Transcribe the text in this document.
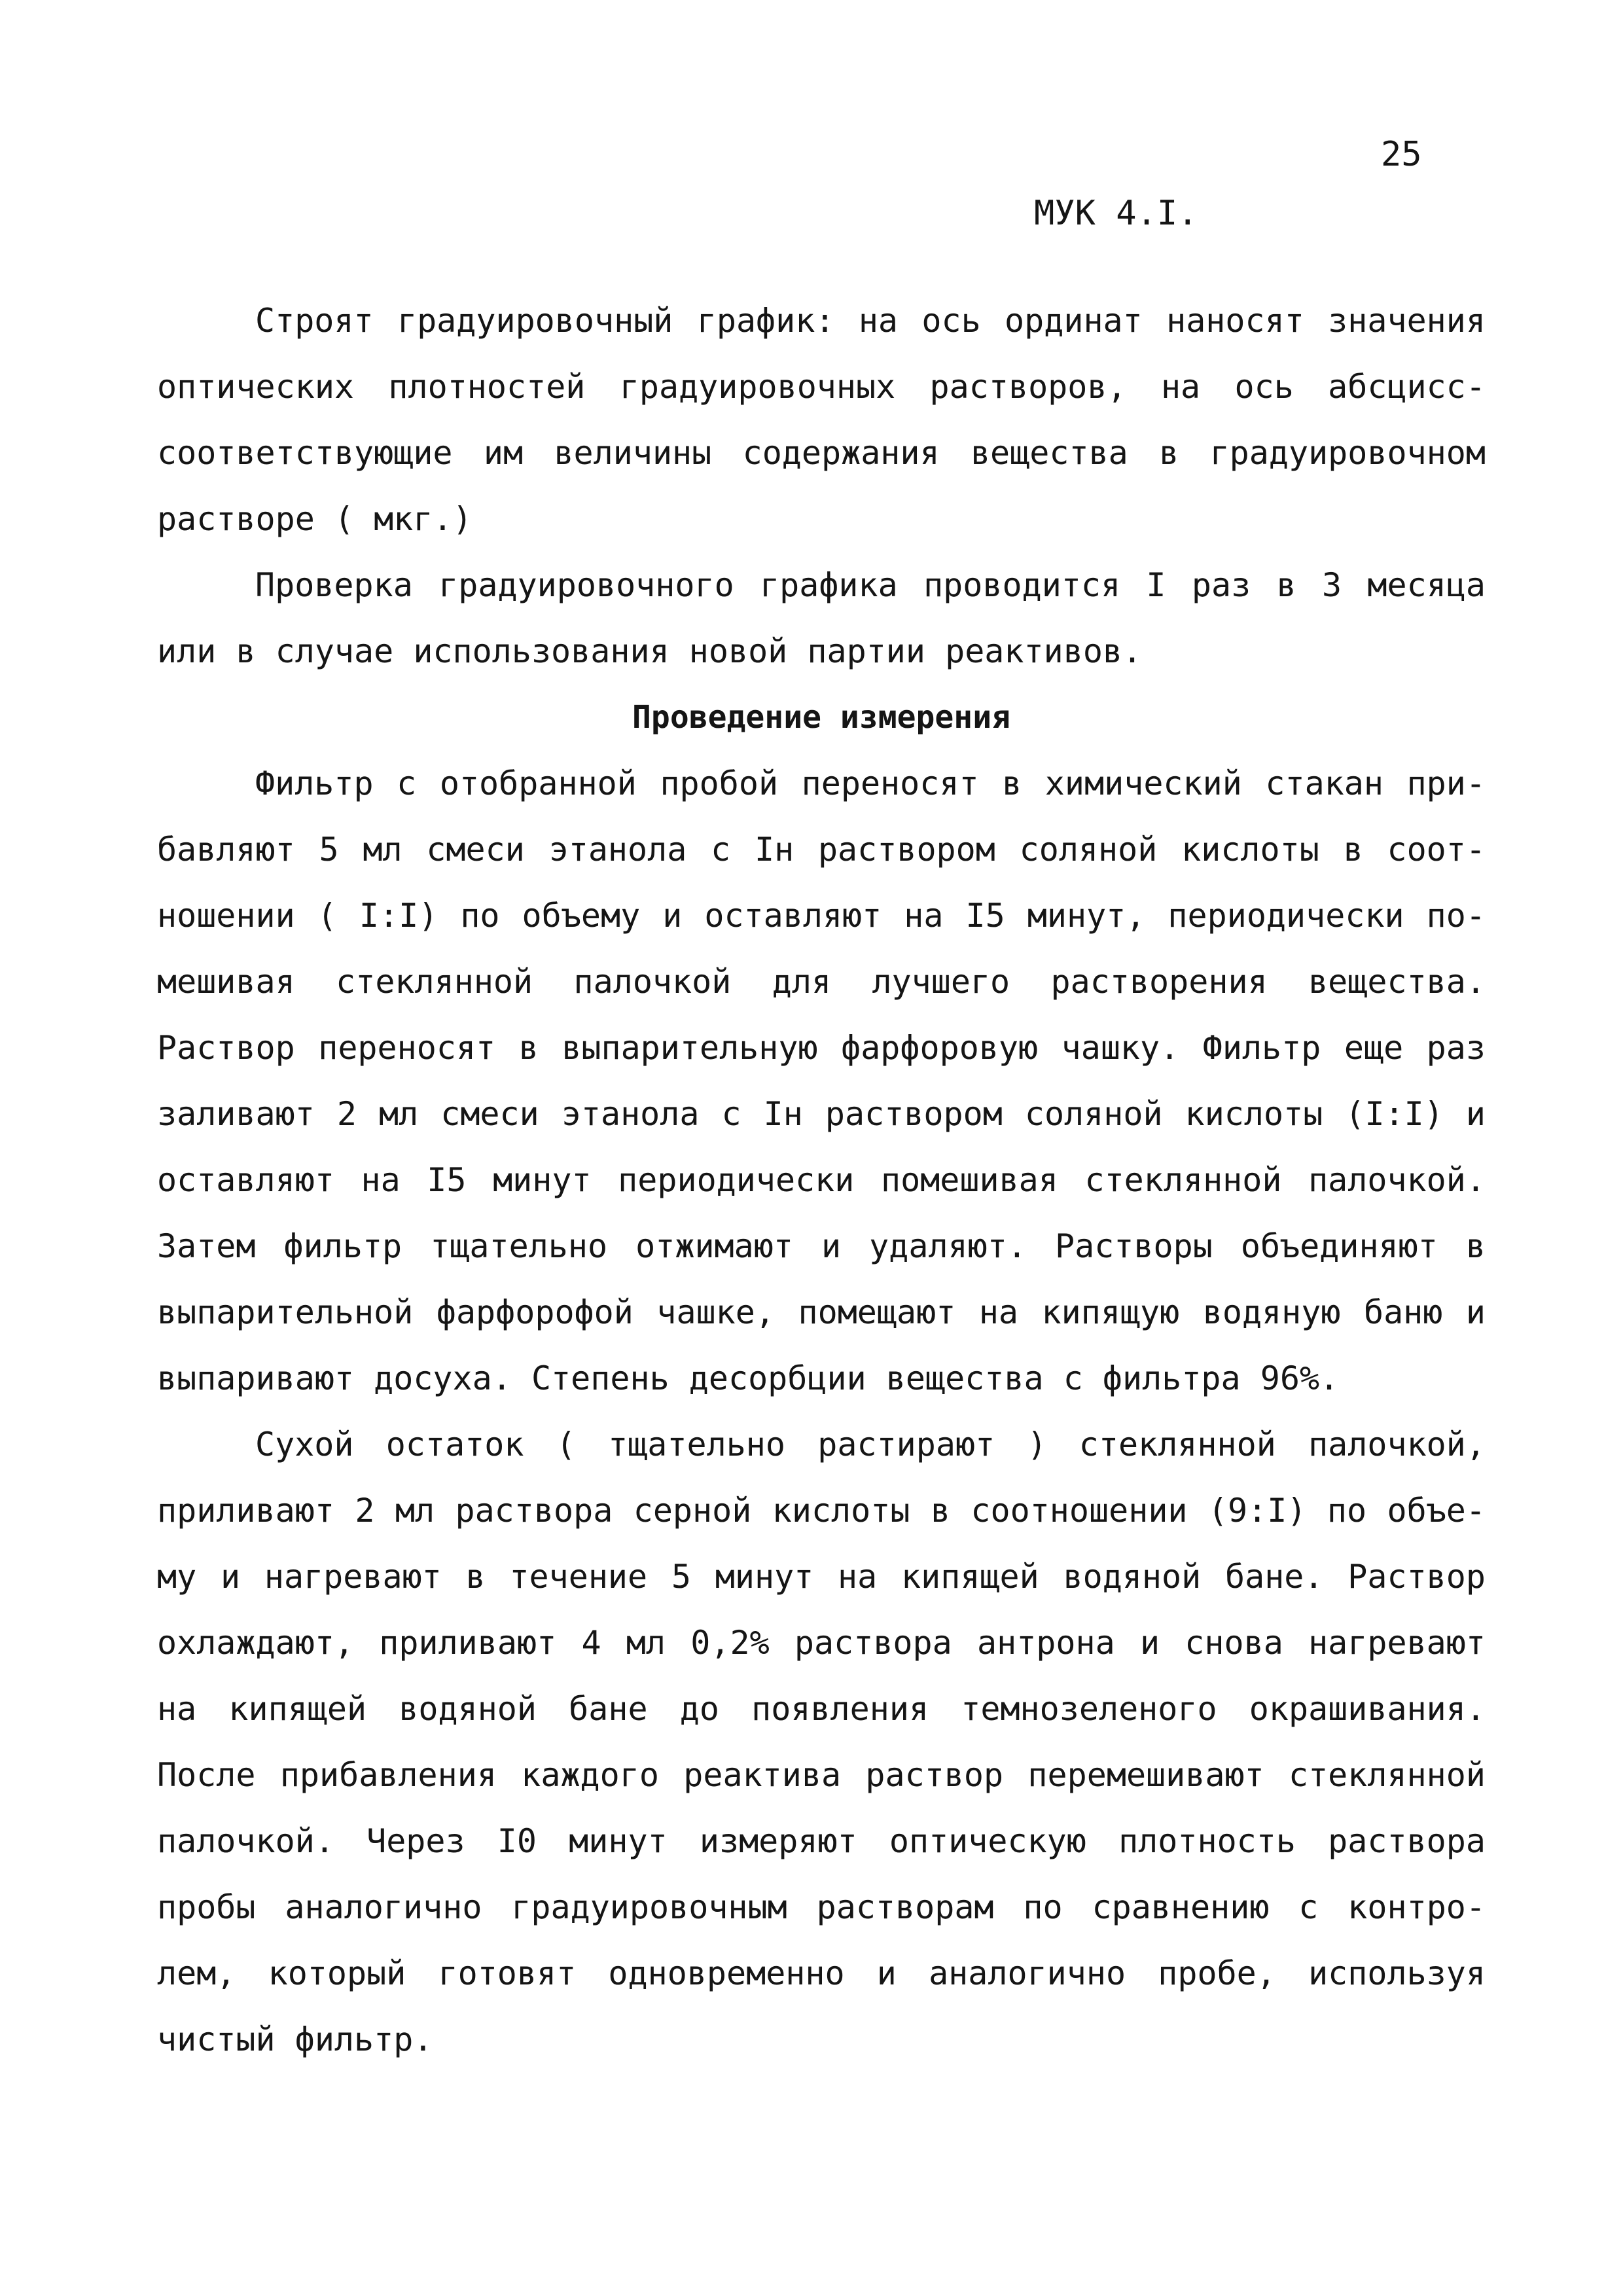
25
МУК 4.I.

Строят градуировочный график: на ось ординат наносят значения оптических плотностей градуировочных растворов, на ось абсцисс- соответствующие им величины содержания вещества в градуировочном растворе ( мкг.)

Проверка градуировочного графика проводится I раз в 3 месяца или в случае использования новой партии реактивов.

Проведение измерения

Фильтр с отобранной пробой переносят в химический стакан при- бавляют 5 мл смеси этанола с Iн раствором соляной кислоты в соот- ношении ( I:I) по объему и оставляют на I5 минут, периодически по- мешивая стеклянной палочкой для лучшего растворения вещества. Раствор переносят в выпарительную фарфоровую чашку. Фильтр еще раз заливают 2 мл смеси этанола с Iн раствором соляной кислоты (I:I) и оставляют на I5 минут периодически помешивая стеклянной палочкой. Затем фильтр тщательно отжимают и удаляют. Растворы объединяют в выпарительной фарфорофой чашке, помещают на кипящую водяную баню и выпаривают досуха. Степень десорбции вещества с фильтра 96%.

Сухой остаток ( тщательно растирают ) стеклянной палочкой, приливают 2 мл раствора серной кислоты в соотношении (9:I) по объе- му и нагревают в течение 5 минут на кипящей водяной бане. Раствор охлаждают, приливают 4 мл 0,2% раствора антрона и снова нагревают на кипящей водяной бане до появления темнозеленого окрашивания. После прибавления каждого реактива раствор перемешивают стеклянной палочкой. Через I0 минут измеряют оптическую плотность раствора пробы аналогично градуировочным растворам по сравнению с контро- лем, который готовят одновременно и аналогично пробе, используя чистый фильтр.
